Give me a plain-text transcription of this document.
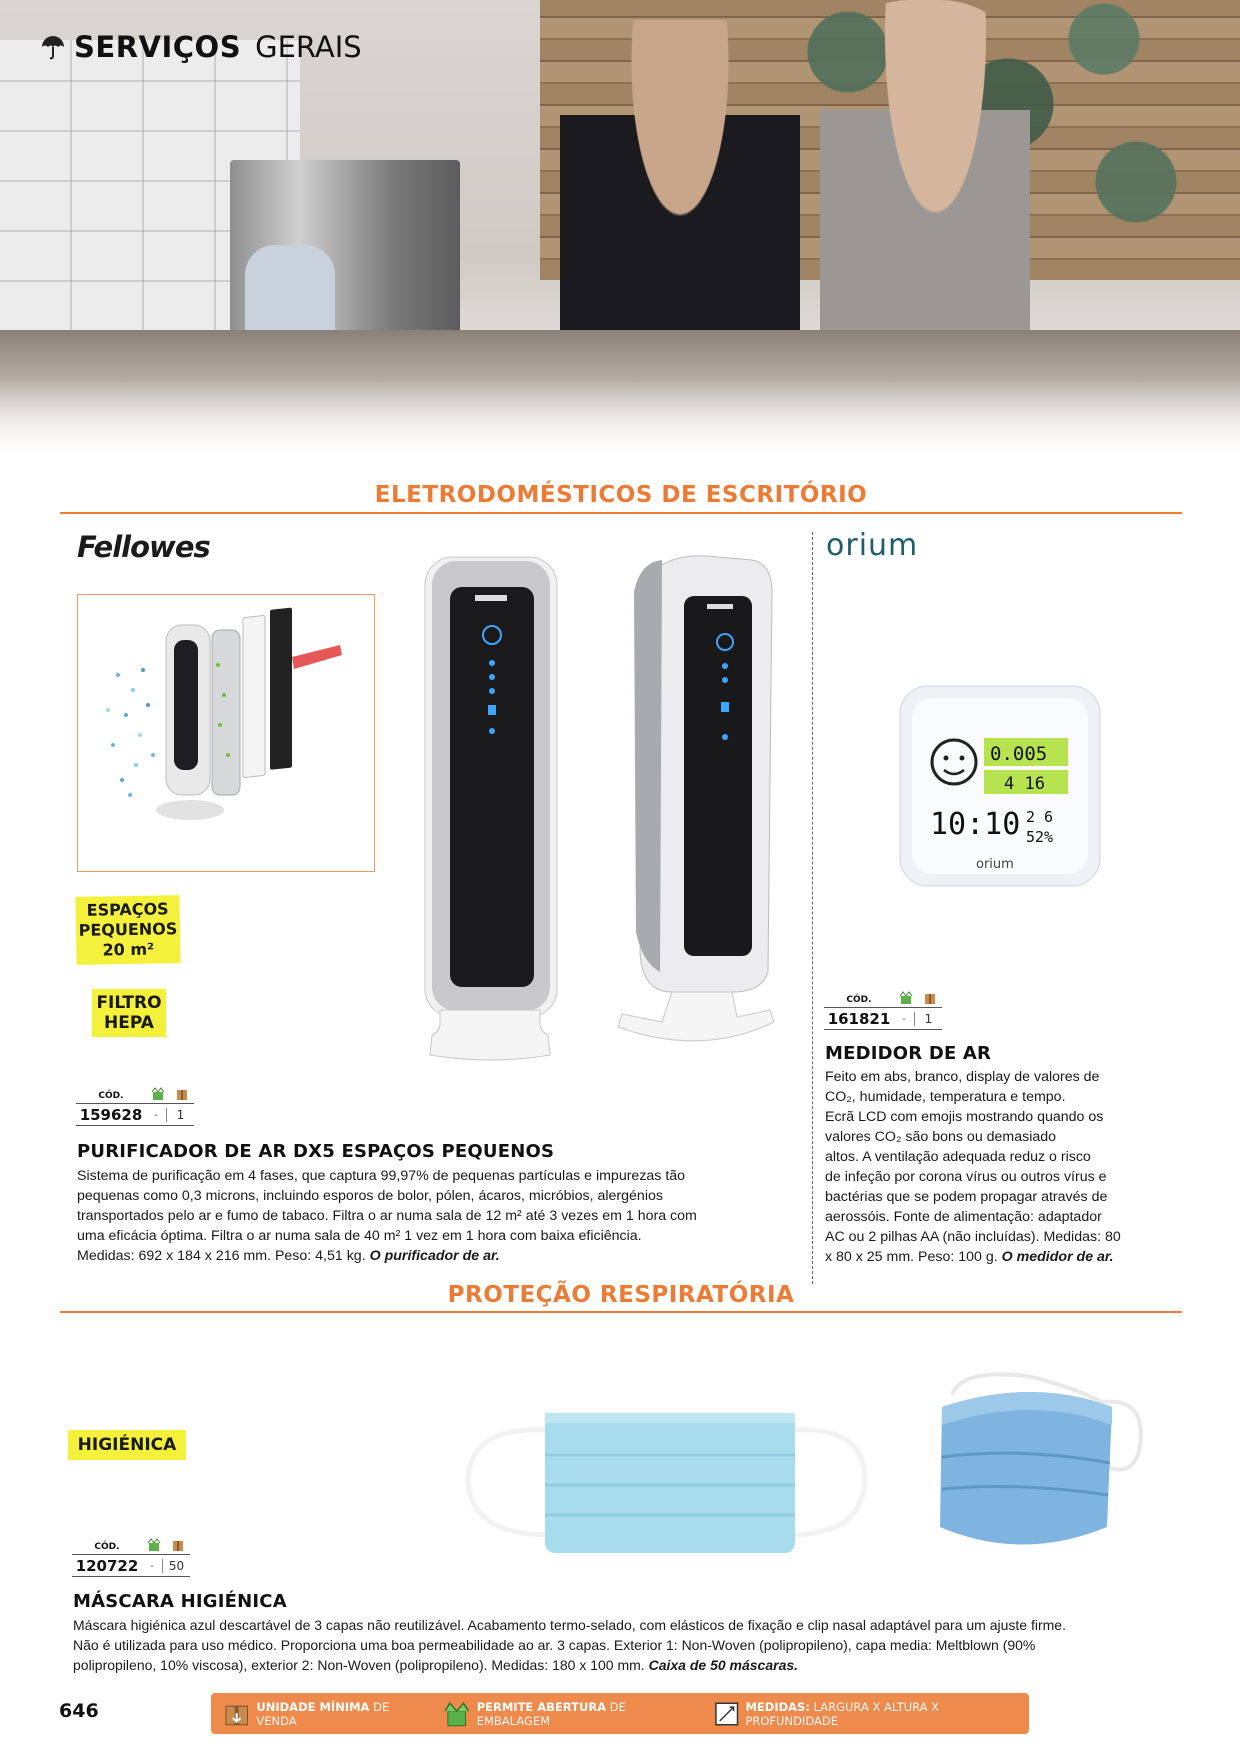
SERVIÇOS GERAIS
ELETRODOMÉSTICOS DE ESCRITÓRIO
Fellowes	orium
0.005
4 16
10:10 2 6
52%
orium
ESPAÇOS
PEQUENOS
20 m²
FILTRO
HEPA
CÓD.
159628	-	1
CÓD.
161821	-	1
PURIFICADOR DE AR DX5 ESPAÇOS PEQUENOS
Sistema de purificação em 4 fases, que captura 99,97% de pequenas partículas e impurezas tão
pequenas como 0,3 microns, incluindo esporos de bolor, pólen, ácaros, micróbios, alergénios
transportados pelo ar e fumo de tabaco. Filtra o ar numa sala de 12 m² até 3 vezes em 1 hora com
uma eficácia óptima. Filtra o ar numa sala de 40 m² 1 vez em 1 hora com baixa eficiência.
Medidas: 692 x 184 x 216 mm. Peso: 4,51 kg. O purificador de ar.
MEDIDOR DE AR
Feito em abs, branco, display de valores de
CO₂, humidade, temperatura e tempo.
Ecrã LCD com emojis mostrando quando os
valores CO₂ são bons ou demasiado
altos. A ventilação adequada reduz o risco
de infeção por corona vírus ou outros vírus e
bactérias que se podem propagar através de
aerossóis. Fonte de alimentação: adaptador
AC ou 2 pilhas AA (não incluídas). Medidas: 80
x 80 x 25 mm. Peso: 100 g. O medidor de ar.
PROTEÇÃO RESPIRATÓRIA
HIGIÉNICA
CÓD.
120722	-	50
MÁSCARA HIGIÉNICA
Máscara higiénica azul descartável de 3 capas não reutilizável. Acabamento termo-selado, com elásticos de fixação e clip nasal adaptável para um ajuste firme.
Não é utilizada para uso médico. Proporciona uma boa permeabilidade ao ar. 3 capas. Exterior 1: Non-Woven (polipropileno), capa media: Meltblown (90%
polipropileno, 10% viscosa), exterior 2: Non-Woven (polipropileno). Medidas: 180 x 100 mm. Caixa de 50 máscaras.
646	UNIDADE MÍNIMA DE VENDA
PERMITE ABERTURA DE EMBALAGEM
MEDIDAS: LARGURA X ALTURA X PROFUNDIDADE
